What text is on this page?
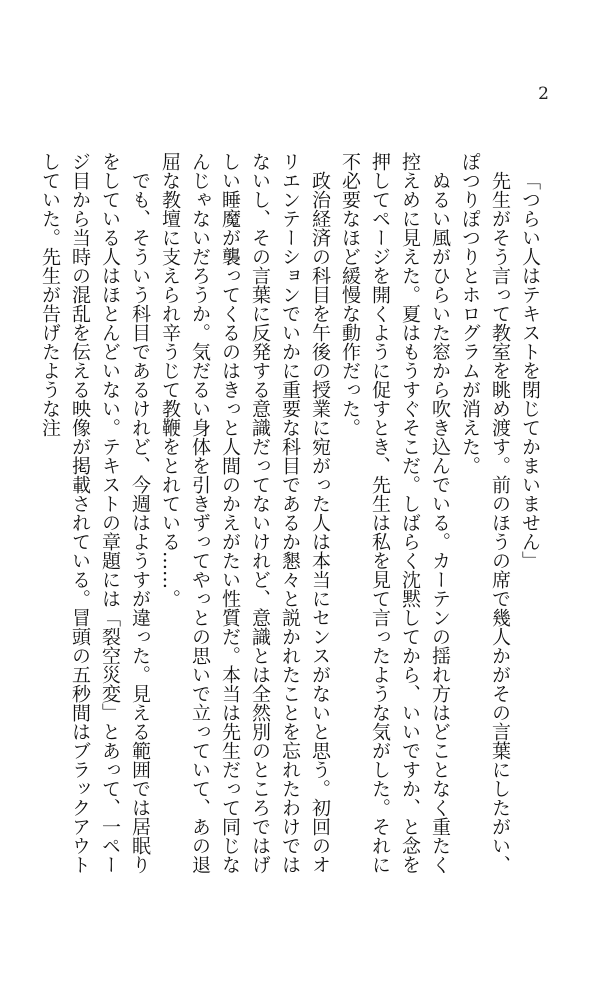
2

「つらい人はテキストを閉じてかまいません」

先生がそう言って教室を眺め渡す。前のほうの席で幾人かがその言葉にしたがい、ぽつりぽつりとホログラムが消えた。

ぬるい風がひらいた窓から吹き込んでいる。カーテンの揺れ方はどことなく重たく控えめに見えた。夏はもうすぐそこだ。しばらく沈黙してから、いいですか、と念を押してページを開くように促すとき、先生は私を見て言ったような気がした。それに不必要なほど緩慢な動作だった。

政治経済の科目を午後の授業に宛がった人は本当にセンスがないと思う。初回のオリエンテーションでいかに重要な科目であるか懇々と説かれたことを忘れたわけではないし、その言葉に反発する意識だってないけれど、意識とは全然別のところではげしい睡魔が襲ってくるのはきっと人間のかえがたい性質だ。本当は先生だって同じなんじゃないだろうか。気だるい身体を引きずってやっとの思いで立っていて、あの退屈な教壇に支えられ辛うじて教鞭をとれている……。

でも、そういう科目であるけれど、今週はようすが違った。見える範囲では居眠りをしている人はほとんどいない。テキストの章題には「裂空災変」とあって、一ページ目から当時の混乱を伝える映像が掲載されている。冒頭の五秒間はブラックアウトしていた。先生が告げたような注
